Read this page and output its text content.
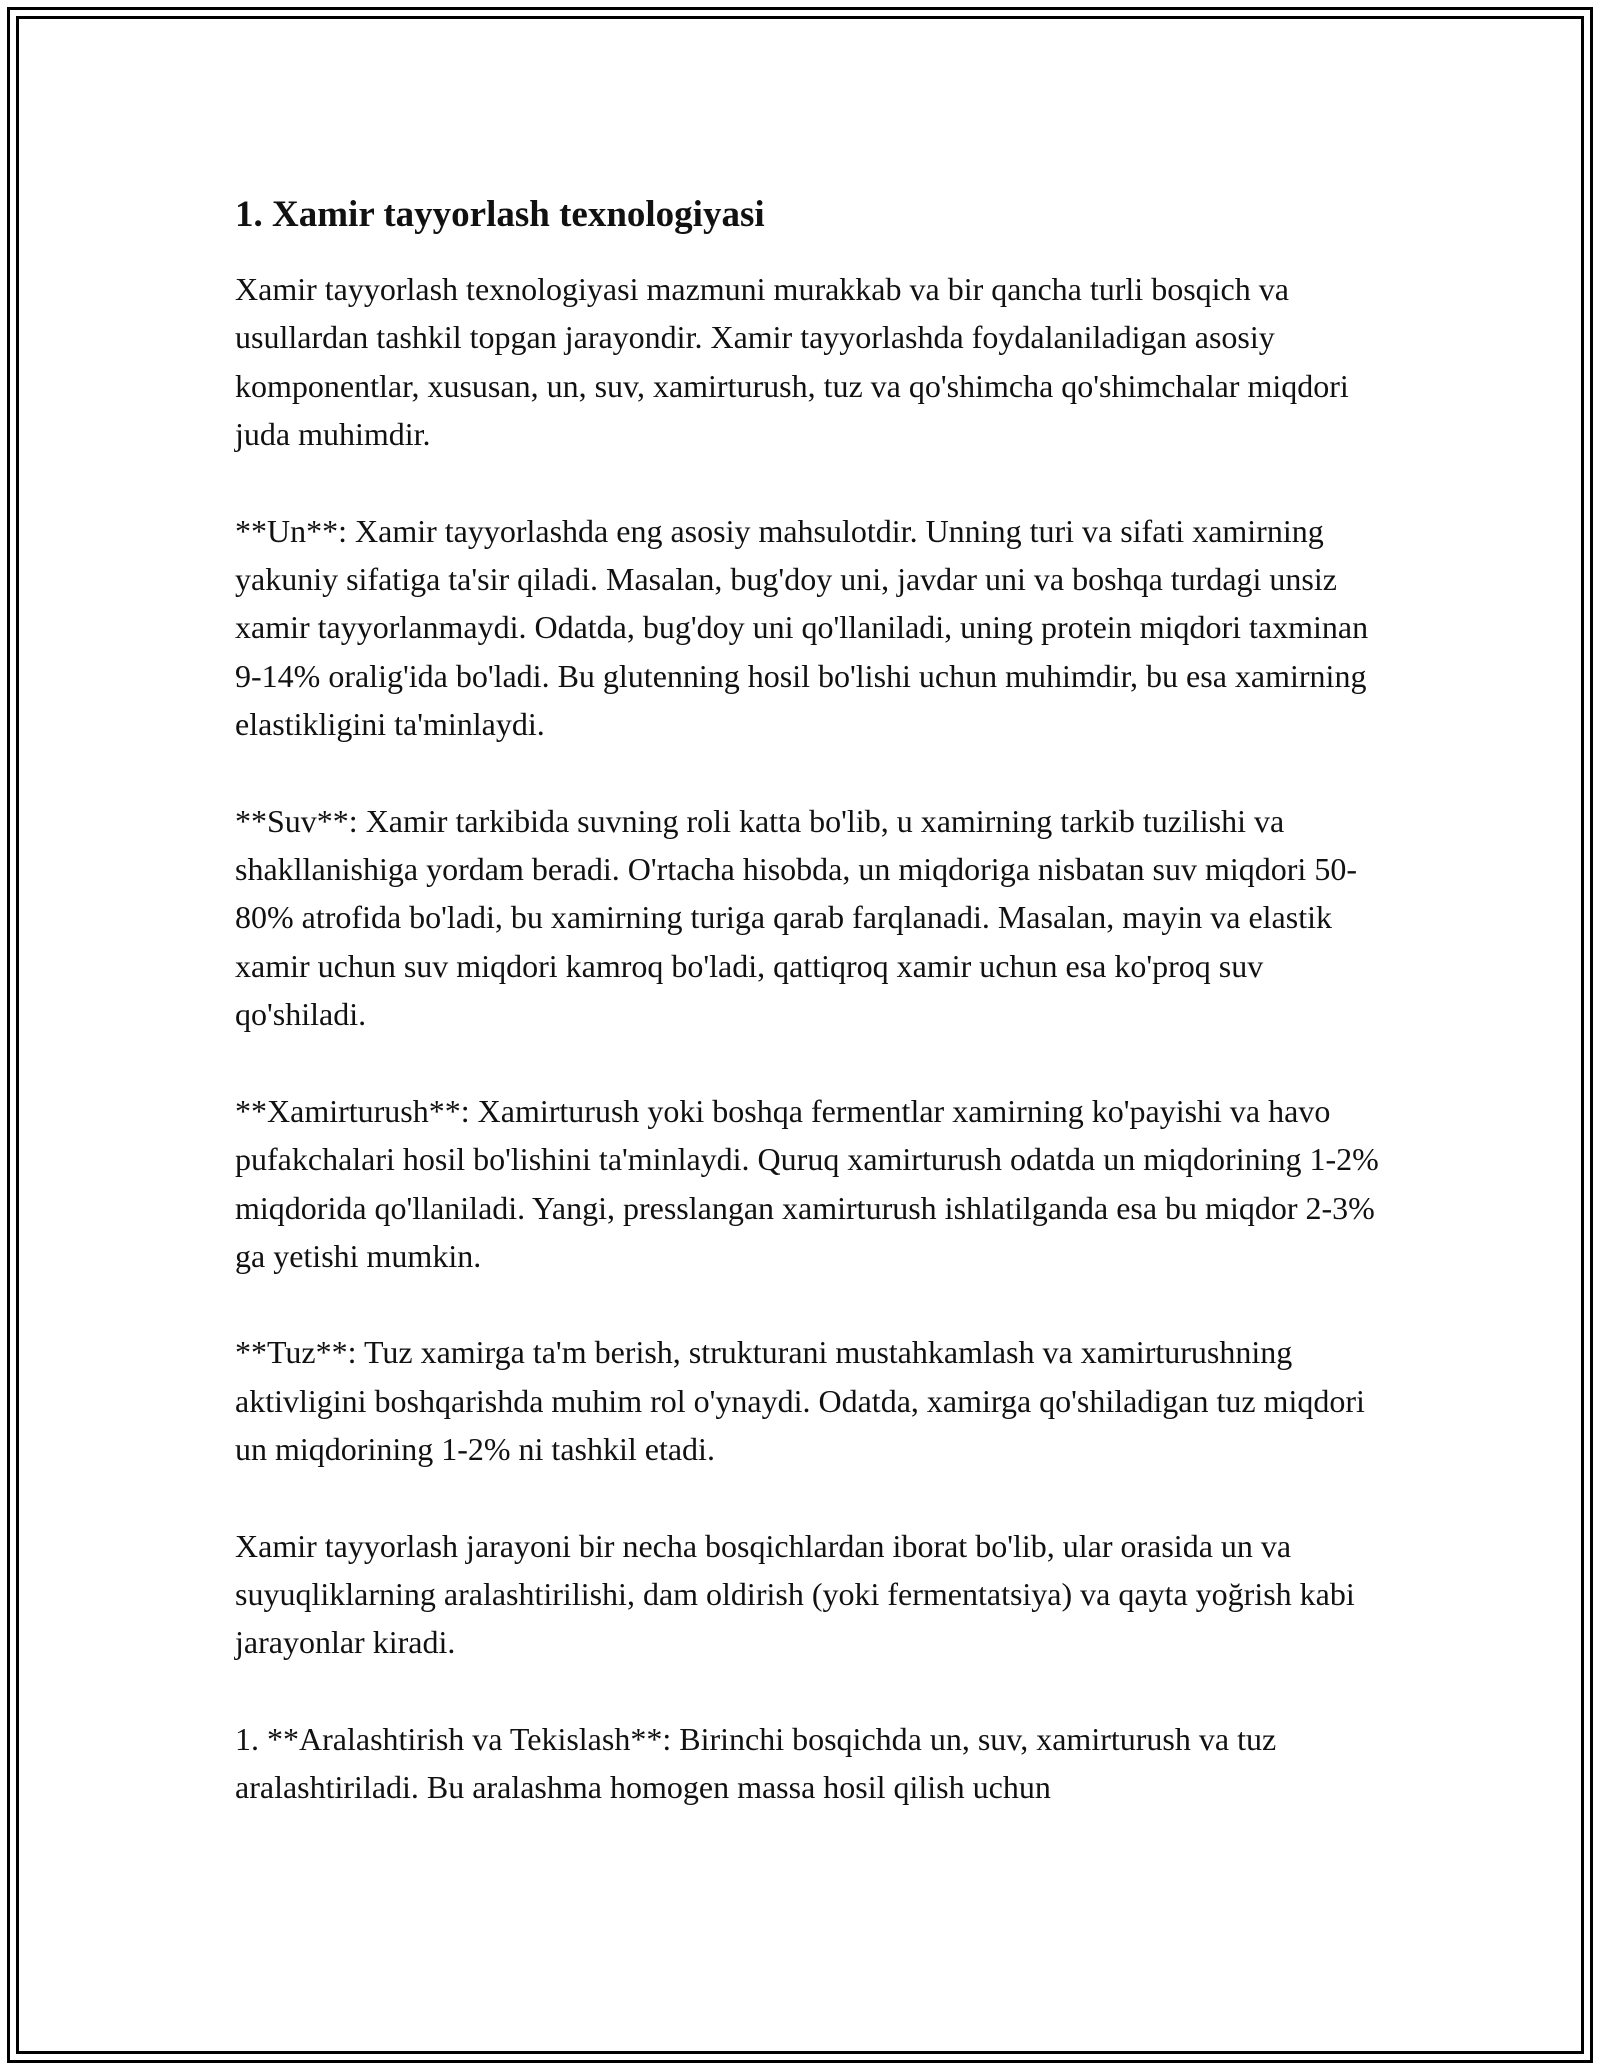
1. Xamir tayyorlash texnologiyasi

Xamir tayyorlash texnologiyasi mazmuni murakkab va bir qancha turli bosqich va usullardan tashkil topgan jarayondir. Xamir tayyorlashda foydalaniladigan asosiy komponentlar, xususan, un, suv, xamirturush, tuz va qo'shimcha qo'shimchalar miqdori juda muhimdir.

**Un**: Xamir tayyorlashda eng asosiy mahsulotdir. Unning turi va sifati xamirning yakuniy sifatiga ta'sir qiladi. Masalan, bug'doy uni, javdar uni va boshqa turdagi unsiz xamir tayyorlanmaydi. Odatda, bug'doy uni qo'llaniladi, uning protein miqdori taxminan 9-14% oralig'ida bo'ladi. Bu glutenning hosil bo'lishi uchun muhimdir, bu esa xamirning elastikligini ta'minlaydi.

**Suv**: Xamir tarkibida suvning roli katta bo'lib, u xamirning tarkib tuzilishi va shakllanishiga yordam beradi. O'rtacha hisobda, un miqdoriga nisbatan suv miqdori 50-80% atrofida bo'ladi, bu xamirning turiga qarab farqlanadi. Masalan, mayin va elastik xamir uchun suv miqdori kamroq bo'ladi, qattiqroq xamir uchun esa ko'proq suv qo'shiladi.

**Xamirturush**: Xamirturush yoki boshqa fermentlar xamirning ko'payishi va havo pufakchalari hosil bo'lishini ta'minlaydi. Quruq xamirturush odatda un miqdorining 1-2% miqdorida qo'llaniladi. Yangi, presslangan xamirturush ishlatilganda esa bu miqdor 2-3% ga yetishi mumkin.

**Tuz**: Tuz xamirga ta'm berish, strukturani mustahkamlash va xamirturushning aktivligini boshqarishda muhim rol o'ynaydi. Odatda, xamirga qo'shiladigan tuz miqdori un miqdorining 1-2% ni tashkil etadi.

Xamir tayyorlash jarayoni bir necha bosqichlardan iborat bo'lib, ular orasida un va suyuqliklarning aralashtirilishi, dam oldirish (yoki fermentatsiya) va qayta yoğrish kabi jarayonlar kiradi.

1. **Aralashtirish va Tekislash**: Birinchi bosqichda un, suv, xamirturush va tuz aralashtiriladi. Bu aralashma homogen massa hosil qilish uchun
